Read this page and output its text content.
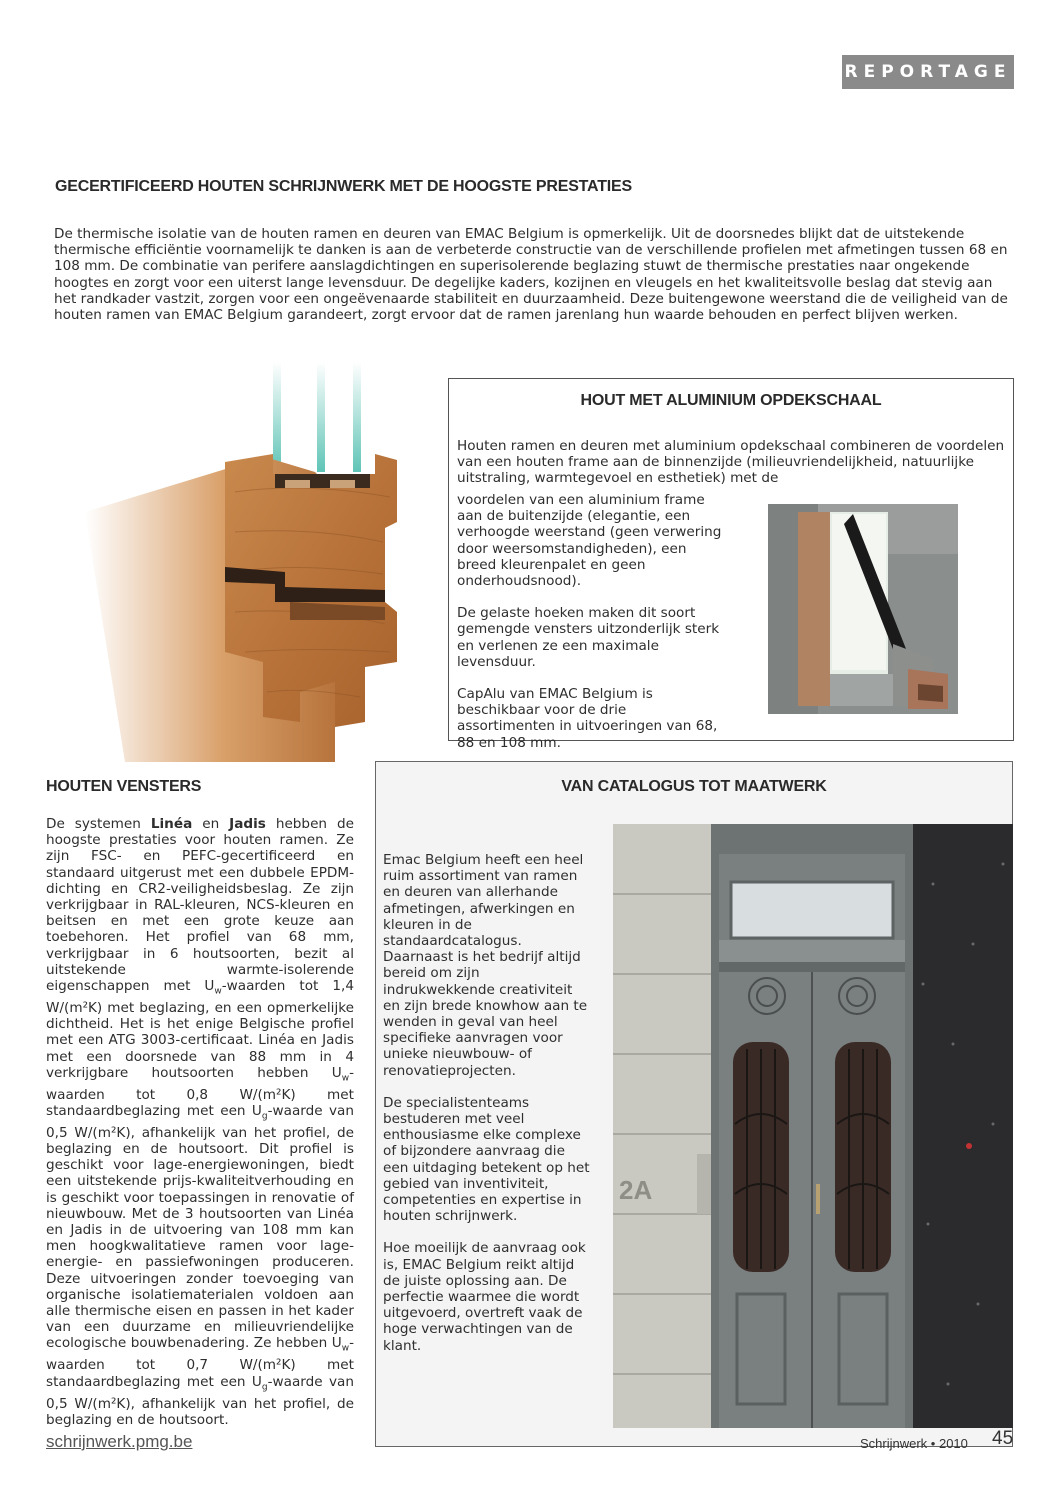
REPORTAGE
GECERTIFICEERD HOUTEN SCHRIJNWERK MET DE HOOGSTE PRESTATIES
De thermische isolatie van de houten ramen en deuren van EMAC Belgium is opmerkelijk. Uit de doorsnedes blijkt dat de uitstekende thermische efficiëntie voornamelijk te danken is aan de verbeterde constructie van de verschillende profielen met afmetingen tussen 68 en 108 mm. De combinatie van perifere aanslagdichtingen en superisolerende beglazing stuwt de thermische prestaties naar ongekende hoogtes en zorgt voor een uiterst lange levensduur. De degelijke kaders, kozijnen en vleugels en het kwaliteitsvolle beslag dat stevig aan het randkader vastzit, zorgen voor een ongeëvenaarde stabiliteit en duurzaamheid. Deze buitengewone weerstand die de veiligheid van de houten ramen van EMAC Belgium garandeert, zorgt ervoor dat de ramen jarenlang hun waarde behouden en perfect blijven werken.
HOUT MET ALUMINIUM OPDEKSCHAAL
Houten ramen en deuren met aluminium opdekschaal combineren de voordelen van een houten frame aan de binnenzijde (milieuvriendelijkheid, natuurlijke uitstraling, warmtegevoel en esthetiek) met de

voordelen van een aluminium frame aan de buitenzijde (elegantie, een verhoogde weerstand (geen verwering door weersomstandigheden), een breed kleurenpalet en geen onderhoudsnood).

De gelaste hoeken maken dit soort gemengde vensters uitzonderlijk sterk en verlenen ze een maximale levensduur.

CapAlu van EMAC Belgium is beschikbaar voor de drie assortimenten in uitvoeringen van 68, 88 en 108 mm.

HOUTEN VENSTERS
De systemen Linéa en Jadis hebben de hoogste prestaties voor houten ramen. Ze zijn FSC- en PEFC-gecertificeerd en standaard uitgerust met een dubbele EPDM-dichting en CR2-veiligheidsbeslag. Ze zijn verkrijgbaar in RAL-kleuren, NCS-kleuren en beitsen en met een grote keuze aan toebehoren. Het profiel van 68 mm, verkrijgbaar in 6 houtsoorten, bezit al uitstekende warmte-isolerende eigenschappen met $U_w$-waarden tot 1,4 W/(m²K) met beglazing, en een opmerkelijke dichtheid. Het is het enige Belgische profiel met een ATG 3003-certificaat. Linéa en Jadis met een doorsnede van 88 mm in 4 verkrijgbare houtsoorten hebben $U_w$-waarden tot 0,8 W/(m²K) met standaardbeglazing met een $U_g$-waarde van 0,5 W/(m²K), afhankelijk van het profiel, de beglazing en de houtsoort. Dit profiel is geschikt voor lage-energiewoningen, biedt een uitstekende prijs-kwaliteitverhouding en is geschikt voor toepassingen in renovatie of nieuwbouw. Met de 3 houtsoorten van Linéa en Jadis in de uitvoering van 108 mm kan men hoogkwalitatieve ramen voor lage-energie- en passiefwoningen produceren. Deze uitvoeringen zonder toevoeging van organische isolatiematerialen voldoen aan alle thermische eisen en passen in het kader van een duurzame en milieuvriendelijke ecologische bouwbenadering. Ze hebben $U_w$-waarden tot 0,7 W/(m²K) met standaardbeglazing met een $U_g$-waarde van 0,5 W/(m²K), afhankelijk van het profiel, de beglazing en de houtsoort.
VAN CATALOGUS TOT MAATWERK

Emac Belgium heeft een heel ruim assortiment van ramen en deuren van allerhande afmetingen, afwerkingen en kleuren in de standaardcatalogus. Daarnaast is het bedrijf altijd bereid om zijn indrukwekkende creativiteit en zijn brede knowhow aan te wenden in geval van heel specifieke aanvragen voor unieke nieuwbouw- of renovatieprojecten.

De specialistenteams bestuderen met veel enthousiasme elke complexe of bijzondere aanvraag die een uitdaging betekent op het gebied van inventiviteit, competenties en expertise in houten schrijnwerk.

Hoe moeilijk de aanvraag ook is, EMAC Belgium reikt altijd de juiste oplossing aan. De perfectie waarmee die wordt uitgevoerd, overtreft vaak de hoge verwachtingen van de klant.

2A
schrijnwerk.pmg.be	Schrijnwerk • 2010 45
